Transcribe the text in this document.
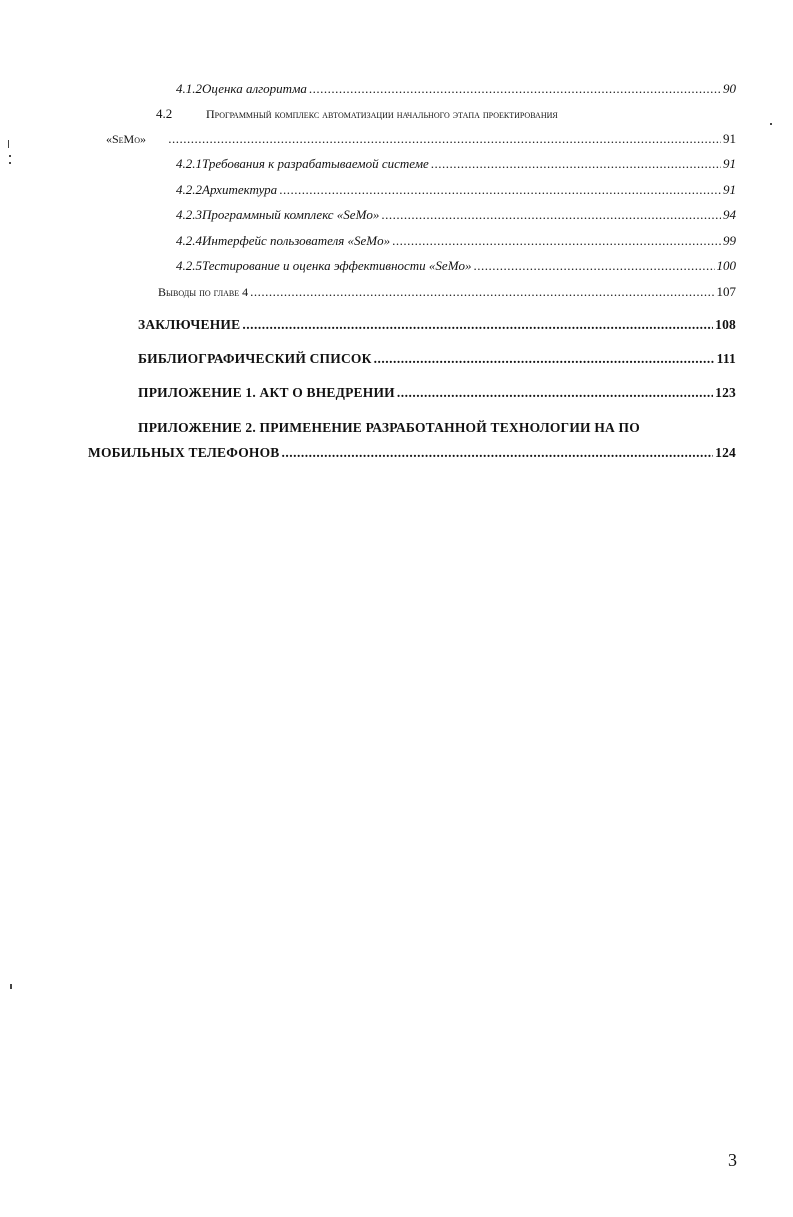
4.1.2 Оценка алгоритма .....	90
4.2	Программный комплекс автоматизации начального этапа проектирования
«SeMo» .....	91
4.2.1 Требования к разрабатываемой системе .....	91
4.2.2 Архитектура .....	91
4.2.3 Программный комплекс «SeMo» .....	94
4.2.4 Интерфейс пользователя «SeMo» .....	99
4.2.5 Тестирование и оценка эффективности «SeMo» .....	100
Выводы по главе 4 .....	107
ЗАКЛЮЧЕНИЕ .....	108
БИБЛИОГРАФИЧЕСКИЙ СПИСОК .....	111
ПРИЛОЖЕНИЕ 1. АКТ О ВНЕДРЕНИИ .....	123
ПРИЛОЖЕНИЕ 2. ПРИМЕНЕНИЕ РАЗРАБОТАННОЙ ТЕХНОЛОГИИ НА ПО
МОБИЛЬНЫХ ТЕЛЕФОНОВ .....	124
3
